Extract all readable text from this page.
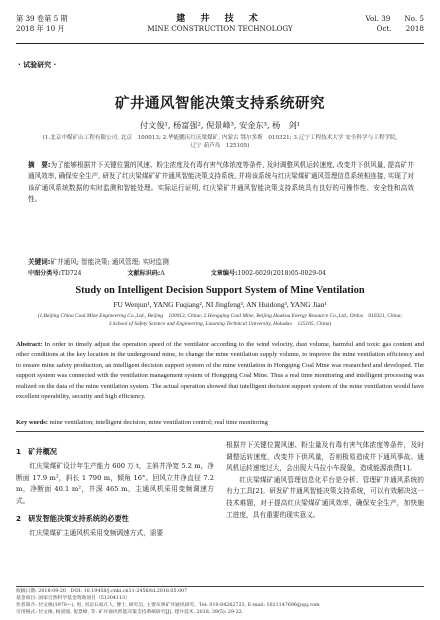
第 39 卷第 5 期
2018 年 10 月
建 井 技 术
MINE CONSTRUCTION TECHNOLOGY
Vol. 39 No. 5
Oct. 2018
· 试验研究 ·
矿井通风智能决策支持系统研究
付文俊¹, 杨富强², 倪景峰³, 安金东³, 杨　剑¹
(1.北京中煤矿山工程有限公司, 北京　100013; 2.华能鹏庆红庆梁煤矿, 内蒙古 鄂尔多斯　010321; 3.辽宁工程技术大学 安全科学与工程学院, 辽宁 葫芦岛　125105)
摘　要:为了能够根据井下关键位置的风速、粉尘浓度及有毒有害气体浓度等条件, 及时调整风机运转速度, 改变井下供风量, 提高矿井通风效率, 确保安全生产, 研发了红庆梁煤矿矿井通风智能决策支持系统, 并将该系统与红庆梁煤矿通风管理信息系统相连接, 实现了对该矿通风系统数据的实时监测和智能处理。实际运行证明, 红庆梁矿井通风智能决策支持系统具有良好的可操作性、安全性和高效性。
关键词:矿井通风; 智能决策; 通风管理; 实时监测
中图分类号:TD724	文献标识码:A	文章编号:1002-6029(2018)05-0029-04
Study on Intelligent Decision Support System of Mine Ventilation
FU Wenjun¹, YANG Fuqiang², NI Jingfeng³, AN Huidong³, YANG Jian¹
(1.Beijing China Coal Mine Engineering Co.,Ltd., Beijing　100013, China; 2.Hongqing Coal Mine, Beijing Huakou Energy Resource Co.,Ltd., Ordos　010321, China; 3.School of Safety Science and Engineering, Liaoning Technical University, Huludao　125105, China)
Abstract: In order to timely adjust the operation speed of the ventilator according to the wind velocity, dust volume, harmful and toxic gas content and other conditions at the key location in the underground mine, to change the mine ventilation supply volume, to improve the mine ventilation efficiency and to ensure mine safety production, an intelligent decision support system of the mine ventilation in Hongqing Coal Mine was researched and developed. The support system was connected with the ventilation management system of Hongqing Coal Mine. Thus a real time monitoring and intelligent processing was realized on the data of the mine ventilation system. The actual operation showed that intelligent decision support system of the mine ventilation would have excellent operability, security and high efficiency.
Key words: mine ventilation; intelligent decision; mine ventilation control; real time monitoring
1　矿井概况

红庆梁煤矿设计年生产能力 600 万 t，主斜井净宽 5.2 m，净断面 17.9 m²，斜长 1 790 m，倾角 16°。回风立井净直径 7.2 m，净断面 40.1 m²，井深 465 m，主通风机采用变频调速方式。

2　研发智能决策支持系统的必要性

红庆梁煤矿主通风机采用变频调速方式，需要

根据井下关键位置风速、粉尘量及有毒有害气体浓度等条件，及时调整运转速度，改变井下供风量，否则极易造成井下通风事故。通风机运转速度过大，会出现大马拉小车现象，造成能源浪费[1]。

红庆梁煤矿通风管理信息化平台是分析、管理矿井通风系统的有力工具[2]。研发矿井通风智能决策支持系统，可以有效解决这一技术难题，对于提高红庆梁煤矿通风效率，确保安全生产，加快施工进度，具有重要的现实意义。

收稿日期: 2018-09-20　DOI: 10.19458/j.cnki.cn11-2456/td.2018.05.007
基金项目: 国家自然科学基金资助项目（51304113）
作者简介: 付文俊(1970—), 男, 河北石家庄人, 博士, 研究员, 主要从事矿井通风研究。Tel: 010-84262723, E-mail: 1021147696@qq.com
引用格式: 付文俊, 杨富强, 倪景峰, 等. 矿井通风智能决策支持系统研究[J]. 建井技术, 2018, 39(5): 29-32.
